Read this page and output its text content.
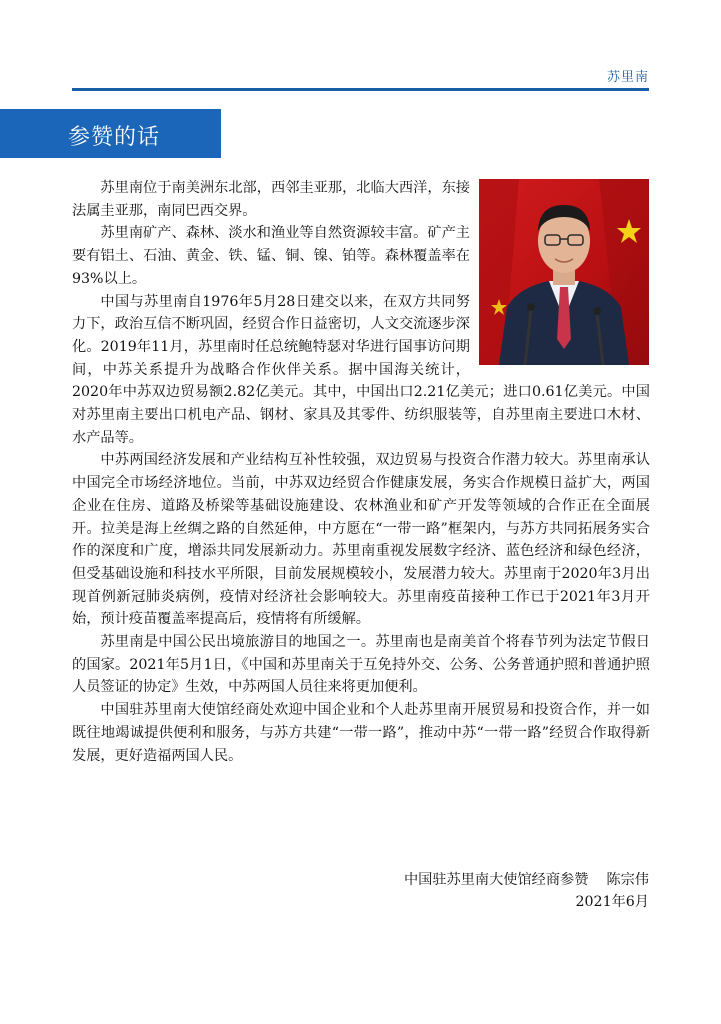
苏里南
参赞的话

苏里南位于南美洲东北部，西邻圭亚那，北临大西洋，东接法属圭亚那，南同巴西交界。

苏里南矿产、森林、淡水和渔业等自然资源较丰富。矿产主要有铝土、石油、黄金、铁、锰、铜、镍、铂等。森林覆盖率在93%以上。

中国与苏里南自1976年5月28日建交以来，在双方共同努力下，政治互信不断巩固，经贸合作日益密切，人文交流逐步深化。2019年11月，苏里南时任总统鲍特瑟对华进行国事访问期间，中苏关系提升为战略合作伙伴关系。据中国海关统计，2020年中苏双边贸易额2.82亿美元。其中，中国出口2.21亿美元；进口0.61亿美元。中国对苏里南主要出口机电产品、钢材、家具及其零件、纺织服装等，自苏里南主要进口木材、水产品等。

中苏两国经济发展和产业结构互补性较强，双边贸易与投资合作潜力较大。苏里南承认中国完全市场经济地位。当前，中苏双边经贸合作健康发展，务实合作规模日益扩大，两国企业在住房、道路及桥梁等基础设施建设、农林渔业和矿产开发等领域的合作正在全面展开。拉美是海上丝绸之路的自然延伸，中方愿在“一带一路”框架内，与苏方共同拓展务实合作的深度和广度，增添共同发展新动力。苏里南重视发展数字经济、蓝色经济和绿色经济，但受基础设施和科技水平所限，目前发展规模较小，发展潜力较大。苏里南于2020年3月出现首例新冠肺炎病例，疫情对经济社会影响较大。苏里南疫苗接种工作已于2021年3月开始，预计疫苗覆盖率提高后，疫情将有所缓解。

苏里南是中国公民出境旅游目的地国之一。苏里南也是南美首个将春节列为法定节假日的国家。2021年5月1日，《中国和苏里南关于互免持外交、公务、公务普通护照和普通护照人员签证的协定》生效，中苏两国人员往来将更加便利。

中国驻苏里南大使馆经商处欢迎中国企业和个人赴苏里南开展贸易和投资合作，并一如既往地竭诚提供便利和服务，与苏方共建“一带一路”，推动中苏“一带一路”经贸合作取得新发展，更好造福两国人民。

中国驻苏里南大使馆经商参赞    陈宗伟
2021年6月
